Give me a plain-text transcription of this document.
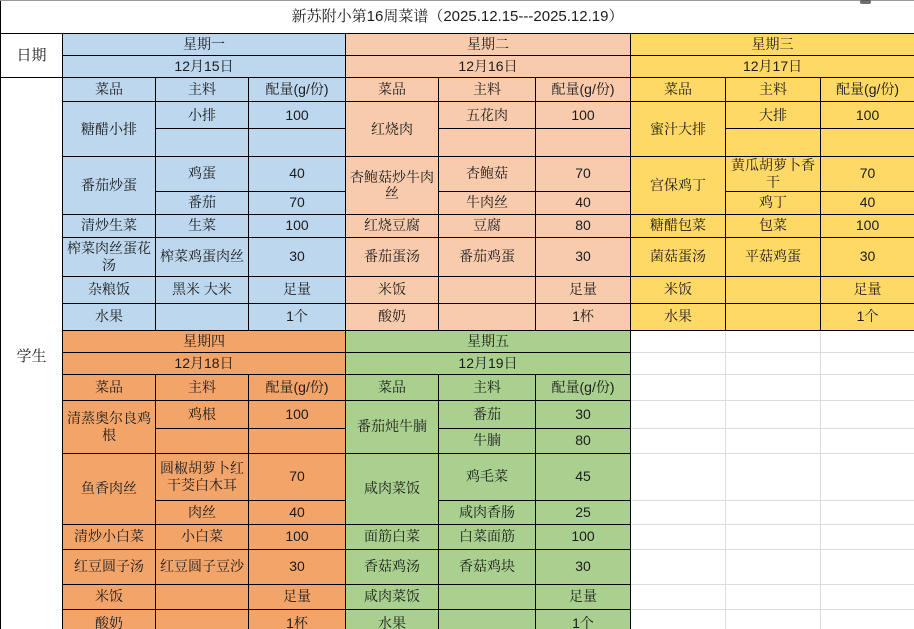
新苏附小第16周菜谱（2025.12.15---2025.12.19）									
日期	星期一			星期二			星期三		
	12月15日			12月16日			12月17日		
学生	菜品	主料	配量(g/份)	菜品	主料	配量(g/份)	菜品	主料	配量(g/份)
	糖醋小排	小排	100	红烧肉	五花肉	100	蜜汁大排	大排	100

	番茄炒蛋	鸡蛋	40	杏鲍菇炒牛肉丝	杏鲍菇	70	宫保鸡丁	黄瓜胡萝卜香干	70
		番茄	70		牛肉丝	40		鸡丁	40
	清炒生菜	生菜	100	红烧豆腐	豆腐	80	糖醋包菜	包菜	100
	榨菜肉丝蛋花汤	榨菜鸡蛋肉丝	30	番茄蛋汤	番茄鸡蛋	30	菌菇蛋汤	平菇鸡蛋	30
	杂粮饭	黑米 大米	足量	米饭		足量	米饭		足量
	水果		1个	酸奶		1杯	水果		1个
	星期四			星期五					
	12月18日			12月19日					
	菜品	主料	配量(g/份)	菜品	主料	配量(g/份)			
	清蒸奥尔良鸡根	鸡根	100	番茄炖牛腩	番茄	30			
					牛腩	80			
	鱼香肉丝	圆椒胡萝卜红干茭白木耳	70	咸肉菜饭	鸡毛菜	45			
		肉丝	40		咸肉香肠	25			
	清炒小白菜	小白菜	100	面筋白菜	白菜面筋	100			
	红豆圆子汤	红豆圆子豆沙	30	香菇鸡汤	香菇鸡块	30			
	米饭		足量	咸肉菜饭		足量			
	酸奶		1杯	水果		1个			
